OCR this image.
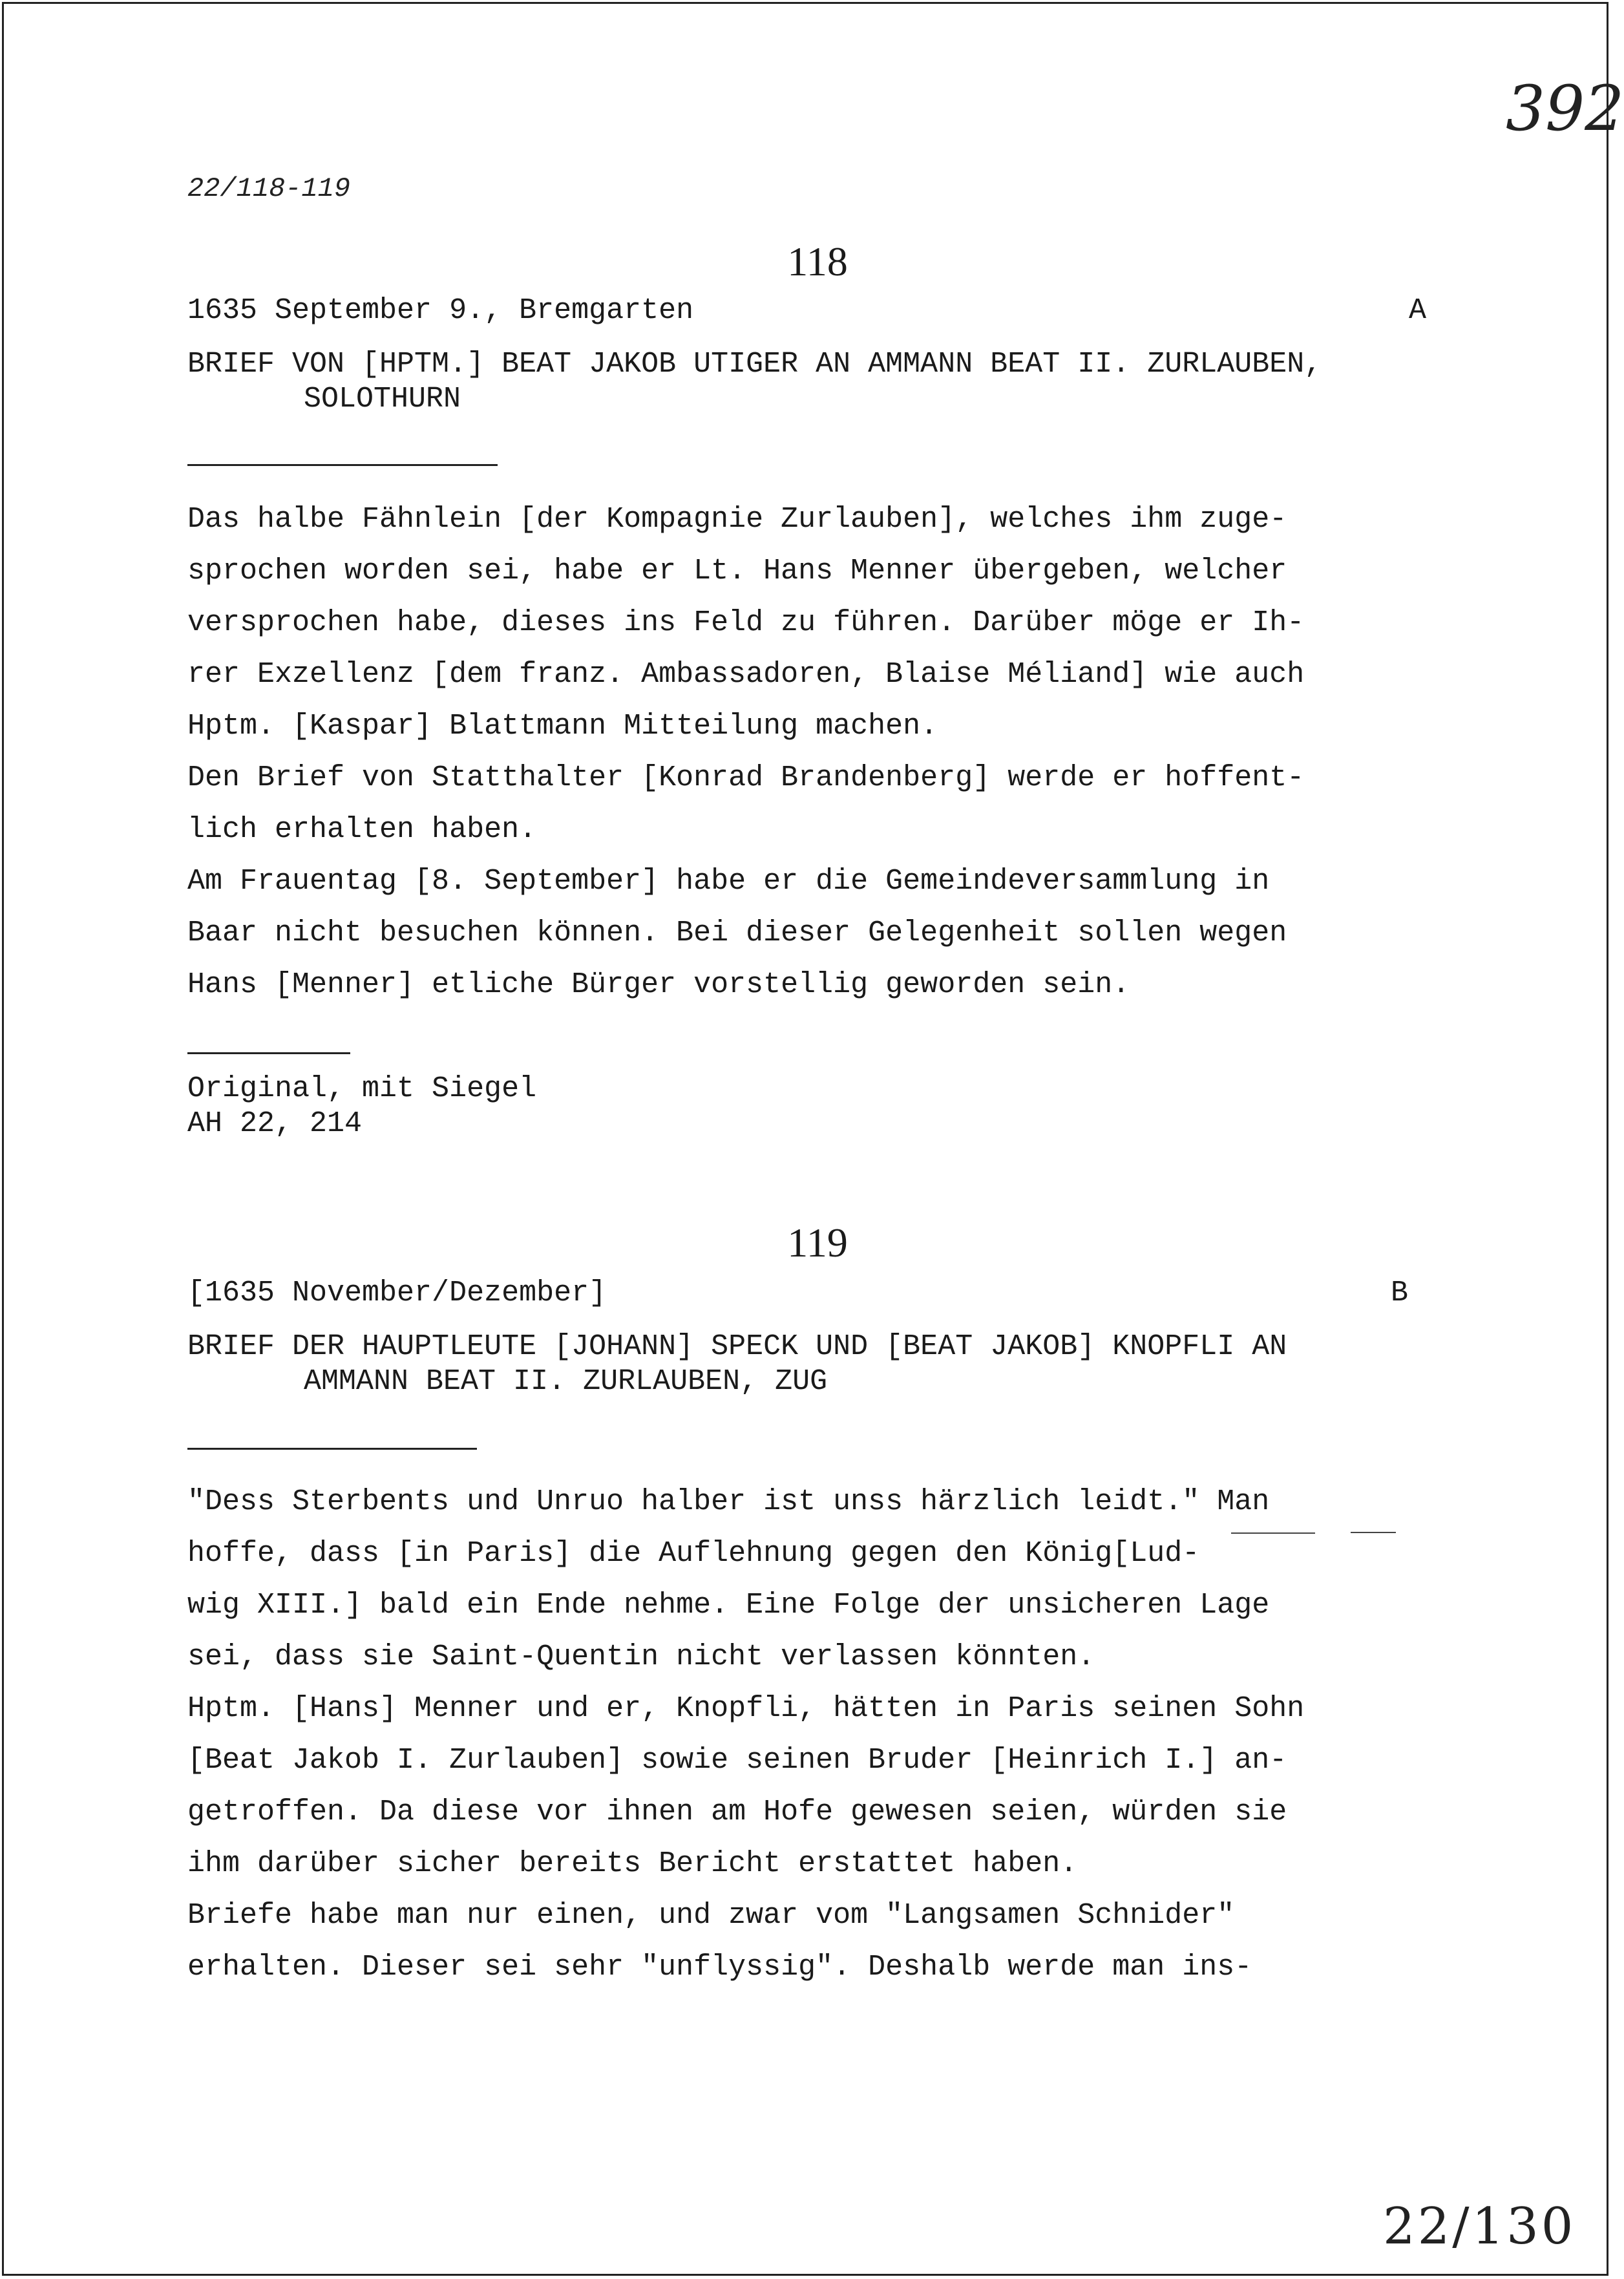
392
22/118-119
118
1635 September 9., Bremgarten	A
BRIEF VON [HPTM.] BEAT JAKOB UTIGER AN AMMANN BEAT II. ZURLAUBEN,
SOLOTHURN
Das halbe Fähnlein [der Kompagnie Zurlauben], welches ihm zuge-
sprochen worden sei, habe er Lt. Hans Menner übergeben, welcher
versprochen habe, dieses ins Feld zu führen. Darüber möge er Ih-
rer Exzellenz [dem franz. Ambassadoren, Blaise Méliand] wie auch
Hptm. [Kaspar] Blattmann Mitteilung machen.
Den Brief von Statthalter [Konrad Brandenberg] werde er hoffent-
lich erhalten haben.
Am Frauentag [8. September] habe er die Gemeindeversammlung in
Baar nicht besuchen können. Bei dieser Gelegenheit sollen wegen
Hans [Menner] etliche Bürger vorstellig geworden sein.
Original, mit Siegel
AH 22, 214
119
[1635 November/Dezember]	B
BRIEF DER HAUPTLEUTE [JOHANN] SPECK UND [BEAT JAKOB] KNOPFLI AN
AMMANN BEAT II. ZURLAUBEN, ZUG
"Dess Sterbents und Unruo halber ist unss härzlich leidt." Man
hoffe, dass [in Paris] die Auflehnung gegen den König[Lud-
wig XIII.] bald ein Ende nehme. Eine Folge der unsicheren Lage
sei, dass sie Saint-Quentin nicht verlassen könnten.
Hptm. [Hans] Menner und er, Knopfli, hätten in Paris seinen Sohn
[Beat Jakob I. Zurlauben] sowie seinen Bruder [Heinrich I.] an-
getroffen. Da diese vor ihnen am Hofe gewesen seien, würden sie
ihm darüber sicher bereits Bericht erstattet haben.
Briefe habe man nur einen, und zwar vom "Langsamen Schnider"
erhalten. Dieser sei sehr "unflyssig". Deshalb werde man ins-
22/130
